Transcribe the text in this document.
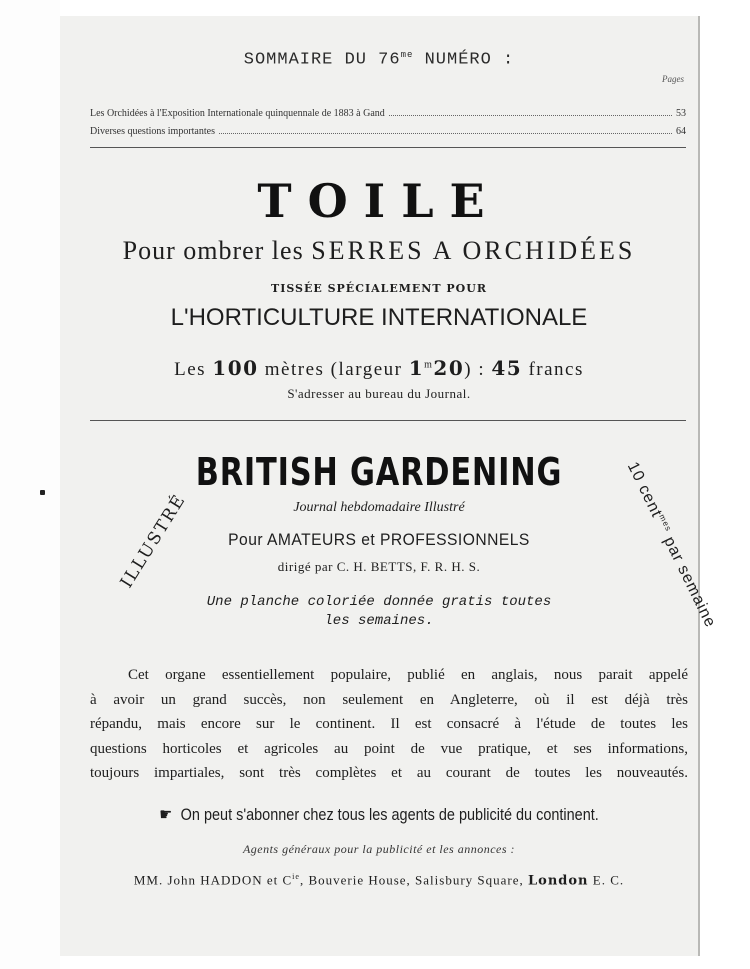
SOMMAIRE DU $76^{me}$ NUMÉRO :
Pages
Les Orchidées à l'Exposition Internationale quinquennale de 1883 à Gand	53
Diverses questions importantes	64
TOILE
Pour ombrer les SERRES A ORCHIDÉES
TISSÉE SPÉCIALEMENT POUR
L'HORTICULTURE INTERNATIONALE
Les 100 mètres (largeur 1$^m$20) : 45 francs
S'adresser au bureau du Journal.
BRITISH GARDENING
Journal hebdomadaire Illustré
Pour AMATEURS et PROFESSIONNELS
dirigé par C. H. BETTS, F. R. H. S.
Une planche coloriée donnée gratis toutes
les semaines.
ILLUSTRÉ
10 cent$^{mes}$ par semaine
Cet organe essentiellement populaire, publié en anglais, nous parait appelé
à avoir un grand succès, non seulement en Angleterre, où il est déjà très
répandu, mais encore sur le continent. Il est consacré à l'étude de toutes les
questions horticoles et agricoles au point de vue pratique, et ses informations,
toujours impartiales, sont très complètes et au courant de toutes les nouveautés.
☛ On peut s'abonner chez tous les agents de publicité du continent.
Agents généraux pour la publicité et les annonces :
MM. John HADDON et $C^{ie}$, Bouverie House, Salisbury Square, London E. C.
